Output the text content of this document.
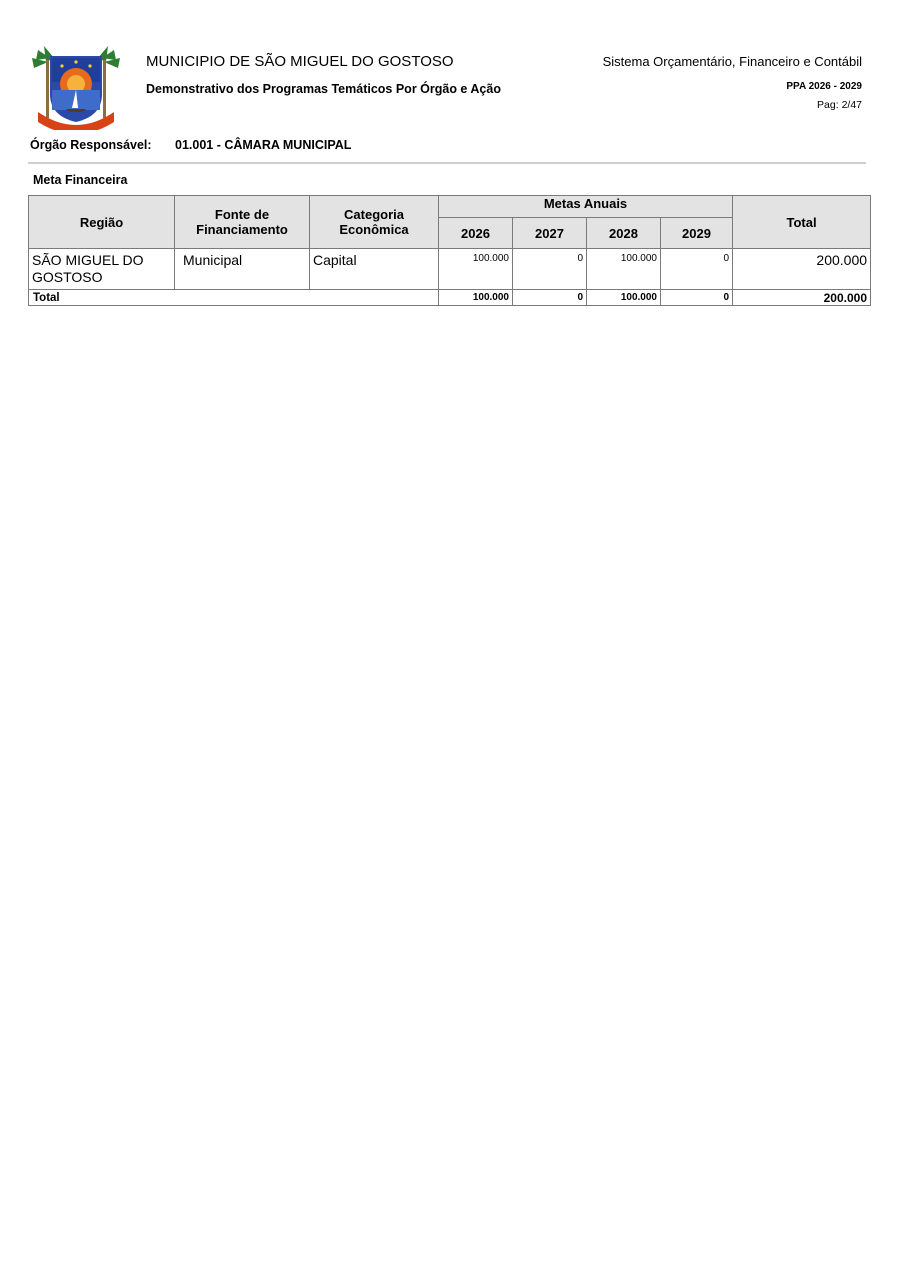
MUNICIPIO DE SÃO MIGUEL DO GOSTOSO
Demonstrativo dos Programas Temáticos Por Órgão e Ação
Sistema Orçamentário, Financeiro e Contábil
PPA 2026 - 2029
Pag: 2/47
Órgão Responsável: 01.001 - CÂMARA MUNICIPAL
Meta Financeira
Região	Fonte de Financiamento	Categoria Econômica	Metas Anuais				Total
			2026	2027	2028	2029	
SÃO MIGUEL DO GOSTOSO	Municipal	Capital	100.000	0	100.000	0	200.000
Total			100.000	0	100.000	0	200.000
